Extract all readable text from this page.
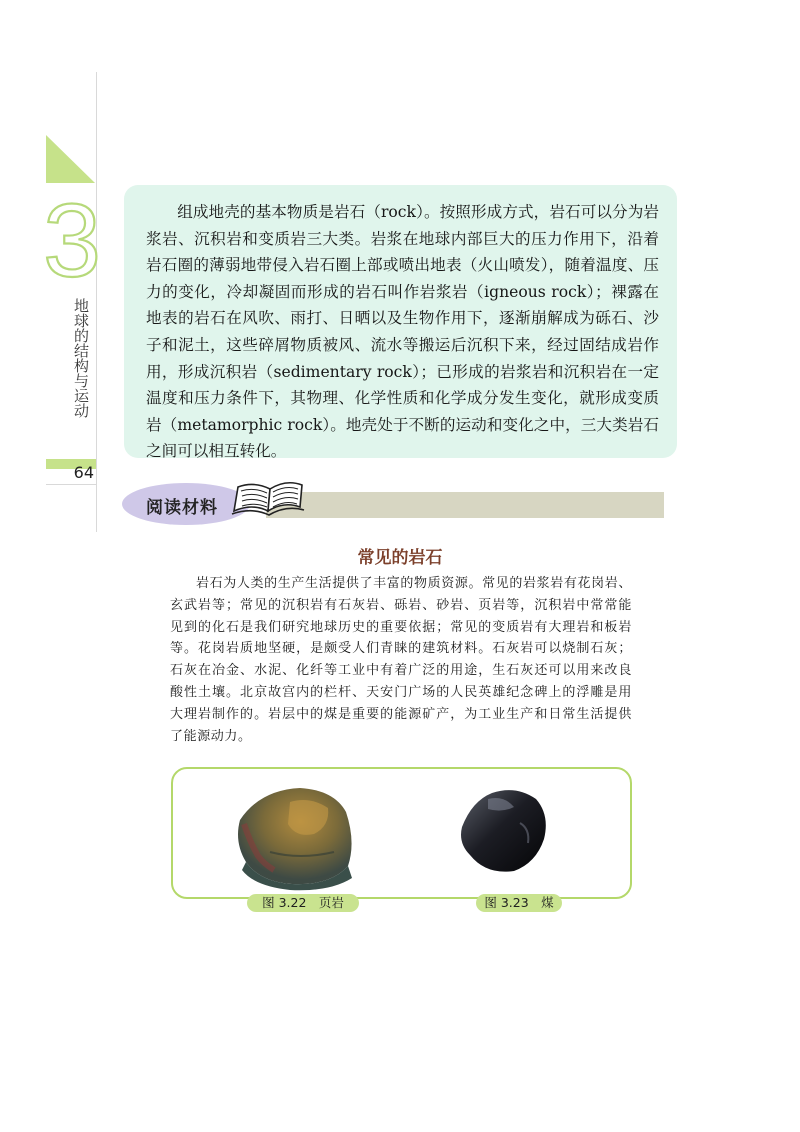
3
地球的结构与运动
64

组成地壳的基本物质是岩石（rock）。按照形成方式，岩石可以分为岩浆岩、沉积岩和变质岩三大类。岩浆在地球内部巨大的压力作用下，沿着岩石圈的薄弱地带侵入岩石圈上部或喷出地表（火山喷发），随着温度、压力的变化，冷却凝固而形成的岩石叫作岩浆岩（igneous rock）；裸露在地表的岩石在风吹、雨打、日晒以及生物作用下，逐渐崩解成为砾石、沙子和泥土，这些碎屑物质被风、流水等搬运后沉积下来，经过固结成岩作用，形成沉积岩（sedimentary rock）；已形成的岩浆岩和沉积岩在一定温度和压力条件下，其物理、化学性质和化学成分发生变化，就形成变质岩（metamorphic rock）。地壳处于不断的运动和变化之中，三大类岩石之间可以相互转化。

阅读材料
常见的岩石

岩石为人类的生产生活提供了丰富的物质资源。常见的岩浆岩有花岗岩、玄武岩等；常见的沉积岩有石灰岩、砾岩、砂岩、页岩等，沉积岩中常常能见到的化石是我们研究地球历史的重要依据；常见的变质岩有大理岩和板岩等。花岗岩质地坚硬，是颇受人们青睐的建筑材料。石灰岩可以烧制石灰；石灰在冶金、水泥、化纤等工业中有着广泛的用途，生石灰还可以用来改良酸性土壤。北京故宫内的栏杆、天安门广场的人民英雄纪念碑上的浮雕是用大理岩制作的。岩层中的煤是重要的能源矿产，为工业生产和日常生活提供了能源动力。

图 3.22　页岩	图 3.23　煤
